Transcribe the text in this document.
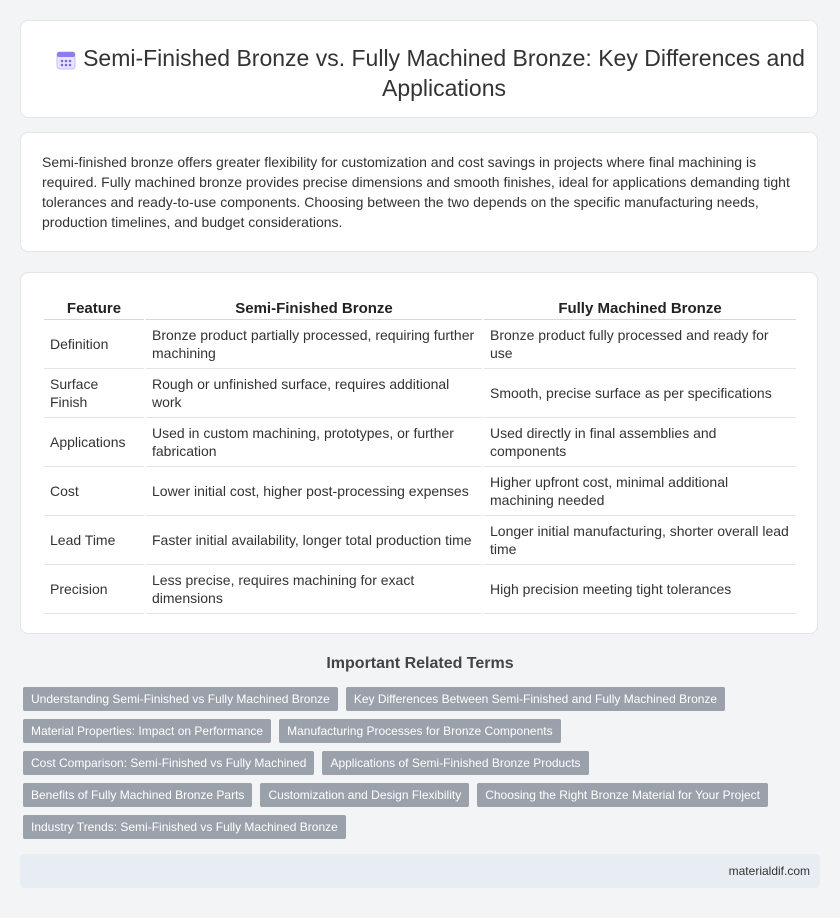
Semi-Finished Bronze vs. Fully Machined Bronze: Key Differences and Applications

Semi-finished bronze offers greater flexibility for customization and cost savings in projects where final machining is required. Fully machined bronze provides precise dimensions and smooth finishes, ideal for applications demanding tight tolerances and ready-to-use components. Choosing between the two depends on the specific manufacturing needs, production timelines, and budget considerations.

Feature	Semi-Finished Bronze	Fully Machined Bronze
Definition	Bronze product partially processed, requiring further machining	Bronze product fully processed and ready for use
Surface Finish	Rough or unfinished surface, requires additional work	Smooth, precise surface as per specifications
Applications	Used in custom machining, prototypes, or further fabrication	Used directly in final assemblies and components
Cost	Lower initial cost, higher post-processing expenses	Higher upfront cost, minimal additional machining needed
Lead Time	Faster initial availability, longer total production time	Longer initial manufacturing, shorter overall lead time
Precision	Less precise, requires machining for exact dimensions	High precision meeting tight tolerances
Important Related Terms
Understanding Semi-Finished vs Fully Machined Bronze	Key Differences Between Semi-Finished and Fully Machined Bronze
Material Properties: Impact on Performance	Manufacturing Processes for Bronze Components
Cost Comparison: Semi-Finished vs Fully Machined	Applications of Semi-Finished Bronze Products
Benefits of Fully Machined Bronze Parts	Customization and Design Flexibility	Choosing the Right Bronze Material for Your Project
Industry Trends: Semi-Finished vs Fully Machined Bronze
materialdif.com
